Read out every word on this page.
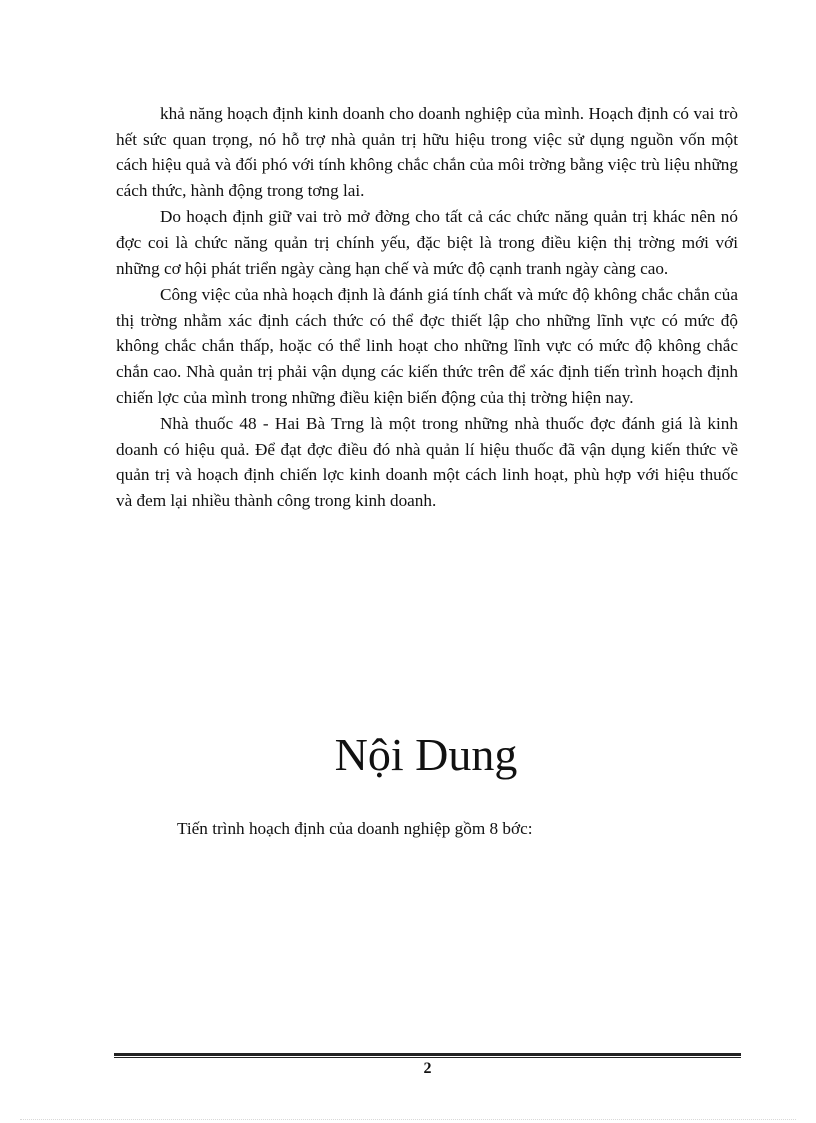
khả năng hoạch định kinh doanh cho doanh nghiệp của mình. Hoạch định có vai trò hết sức quan trọng, nó hỗ trợ nhà quản trị hữu hiệu trong việc sử dụng nguồn vốn một cách hiệu quả và đối phó với tính không chắc chắn của môi trờng bằng việc trù liệu những cách thức, hành động trong tơng lai.

Do hoạch định giữ vai trò mở đờng cho tất cả các chức năng quản trị khác nên nó đợc coi là chức năng quản trị chính yếu, đặc biệt là trong điều kiện thị trờng mới với những cơ hội phát triển ngày càng hạn chế và mức độ cạnh tranh ngày càng cao.

Công việc của nhà hoạch định là đánh giá tính chất và mức độ không chắc chắn của thị trờng nhằm xác định cách thức có thể đợc thiết lập cho những lĩnh vực có mức độ không chắc chắn thấp, hoặc có thể linh hoạt cho những lĩnh vực có mức độ không chắc chắn cao. Nhà quản trị phải vận dụng các kiến thức trên để xác định tiến trình hoạch định chiến lợc của mình trong những điều kiện biến động của thị trờng hiện nay.

Nhà thuốc 48 - Hai Bà Trng là một trong những nhà thuốc đợc đánh giá là kinh doanh có hiệu quả. Để đạt đợc điều đó nhà quản lí hiệu thuốc đã vận dụng kiến thức về quản trị và hoạch định chiến lợc kinh doanh một cách linh hoạt, phù hợp với hiệu thuốc và đem lại nhiều thành công trong kinh doanh.

Nội Dung

Tiến trình hoạch định của doanh nghiệp gồm 8 bớc:

2
